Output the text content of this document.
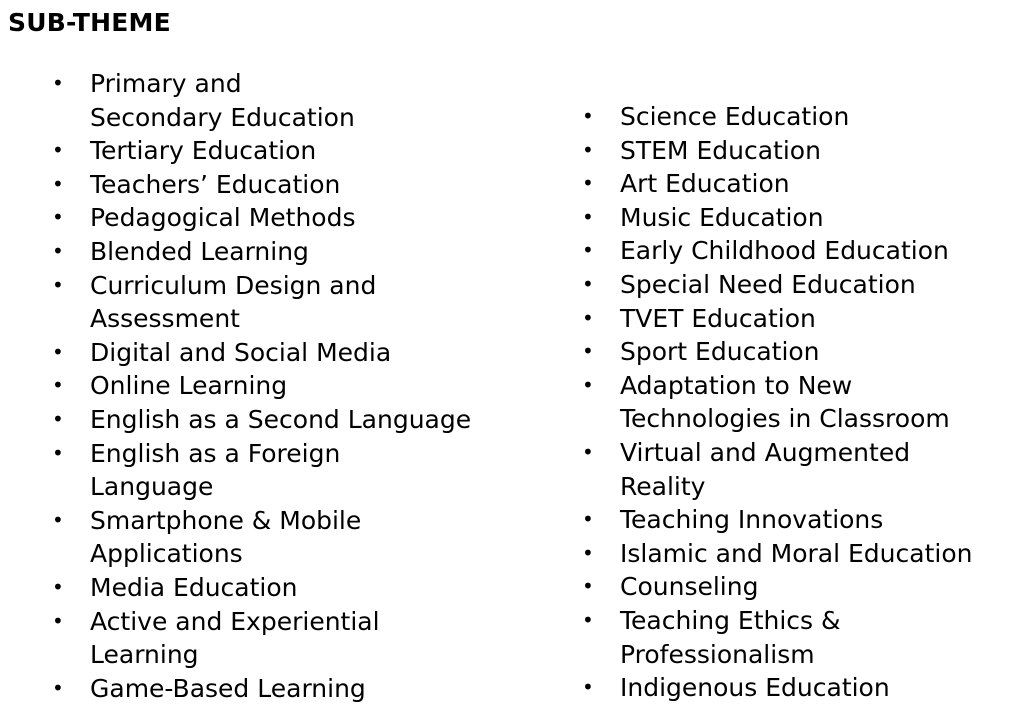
SUB-THEME
•	Primary and
Secondary Education
•	Tertiary Education
•	Teachers’ Education
•	Pedagogical Methods
•	Blended Learning
•	Curriculum Design and
Assessment
•	Digital and Social Media
•	Online Learning
•	English as a Second Language
•	English as a Foreign
Language
•	Smartphone & Mobile
Applications
•	Media Education
•	Active and Experiential
Learning
•	Game-Based Learning
•	Science Education
•	STEM Education
•	Art Education
•	Music Education
•	Early Childhood Education
•	Special Need Education
•	TVET Education
•	Sport Education
•	Adaptation to New
Technologies in Classroom
•	Virtual and Augmented
Reality
•	Teaching Innovations
•	Islamic and Moral Education
•	Counseling
•	Teaching Ethics &
Professionalism
•	Indigenous Education
